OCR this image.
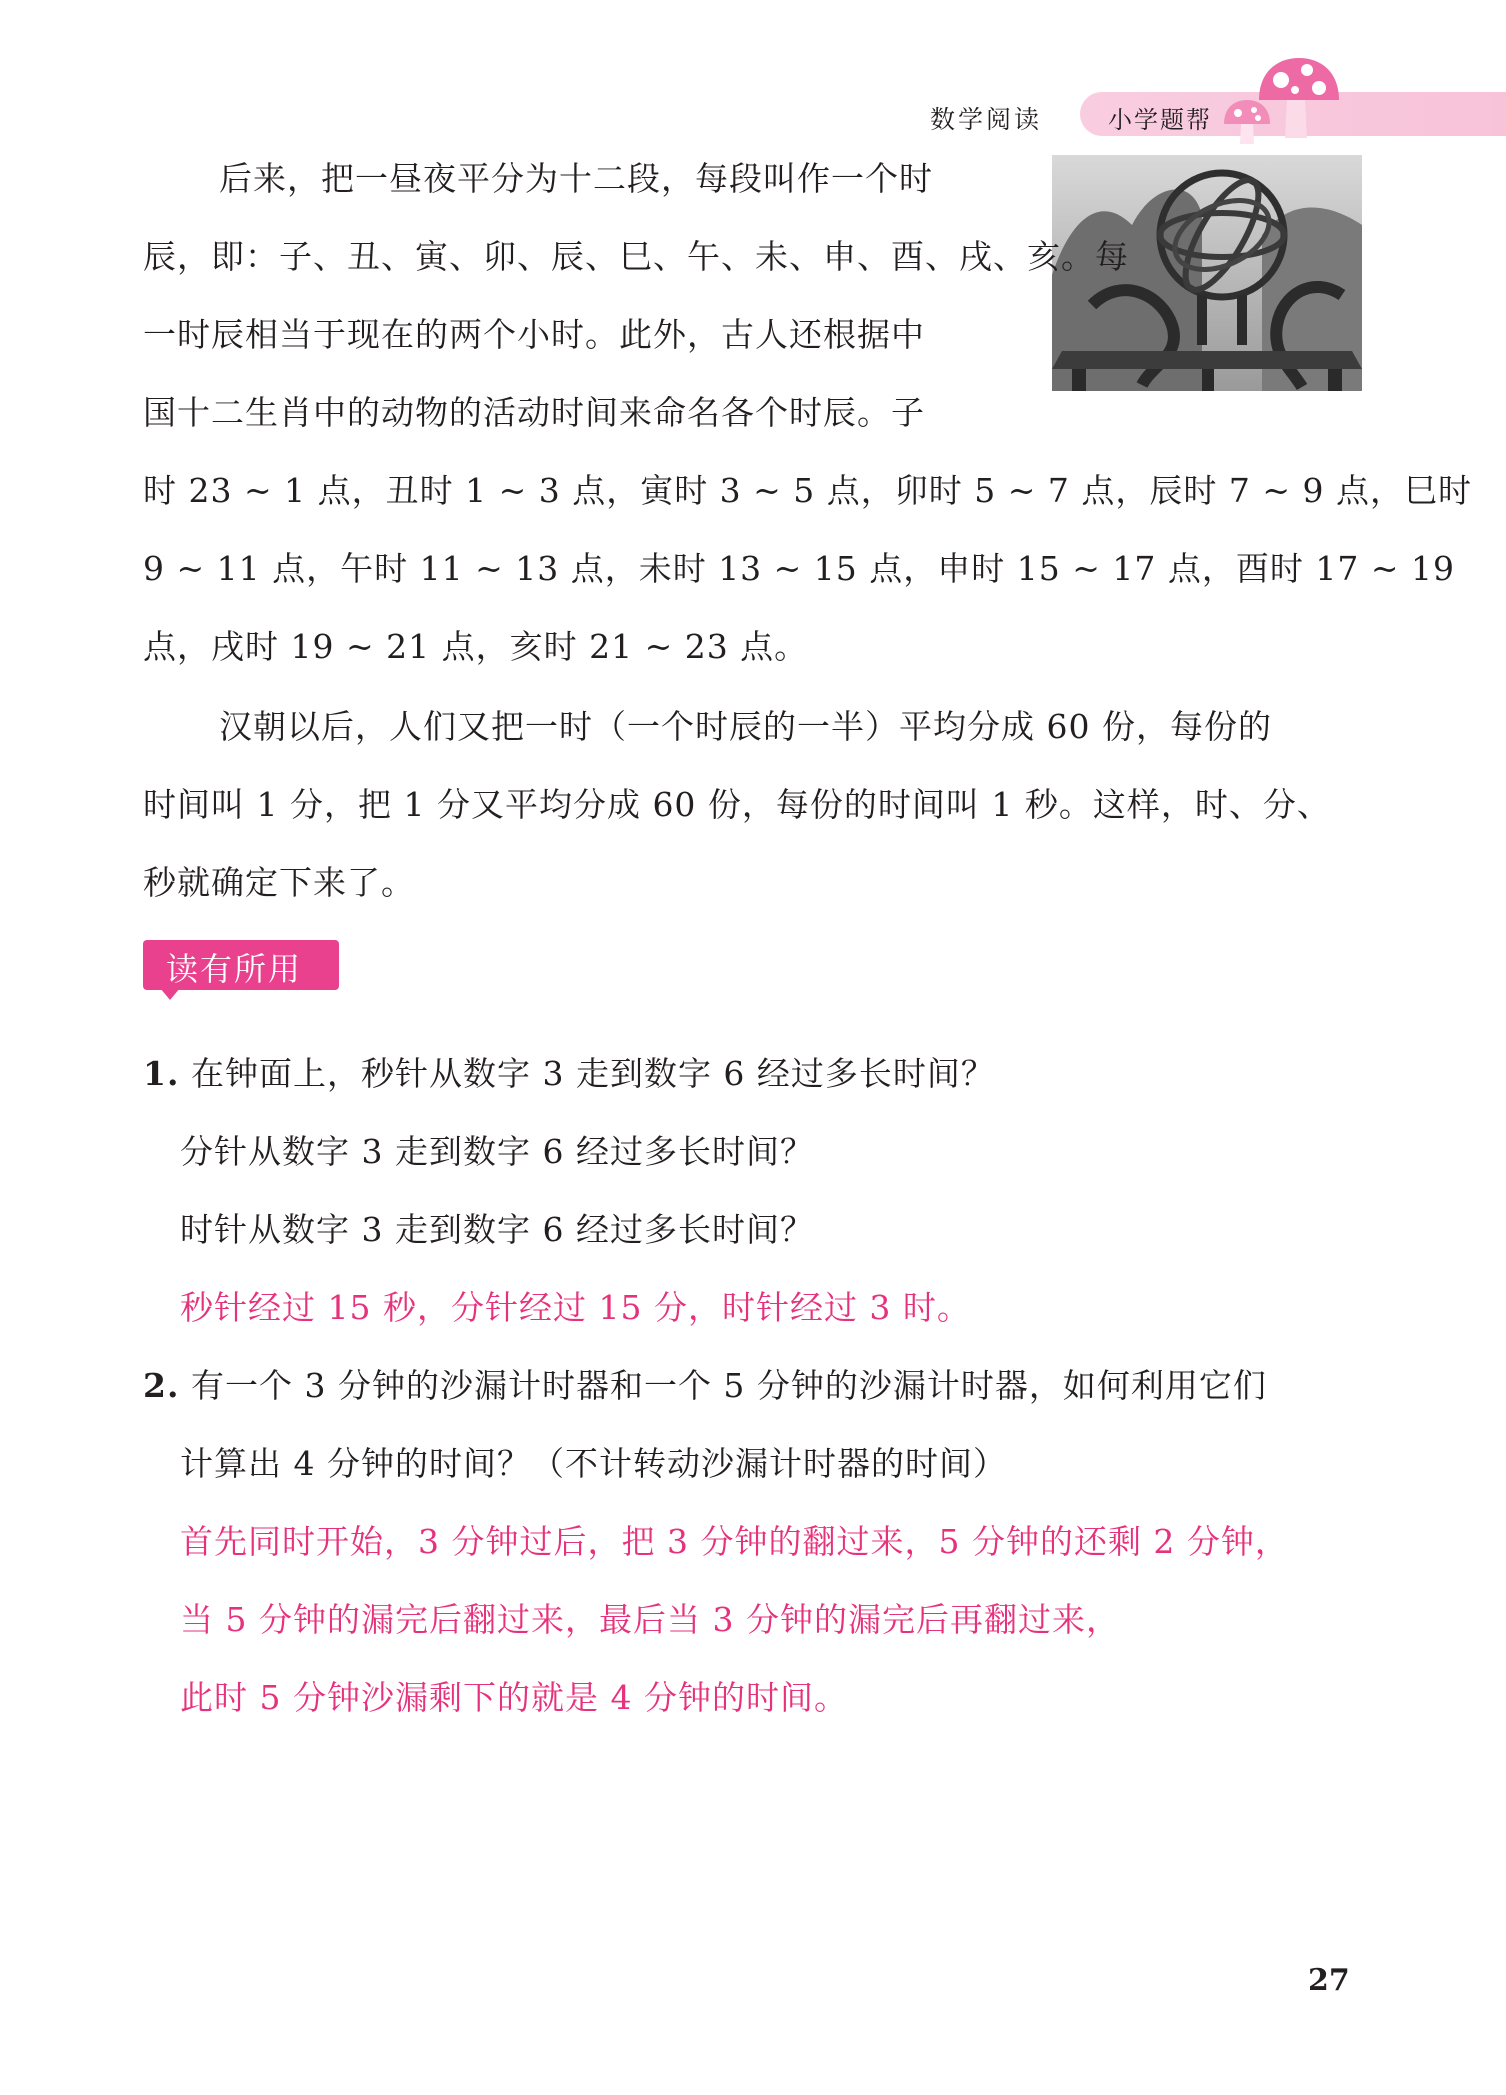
数学阅读	小学题帮
后来，把一昼夜平分为十二段，每段叫作一个时
辰，即：子、丑、寅、卯、辰、巳、午、未、申、酉、戌、亥。每
一时辰相当于现在的两个小时。此外，古人还根据中
国十二生肖中的动物的活动时间来命名各个时辰。子
时 23 ~ 1 点，丑时 1 ~ 3 点，寅时 3 ~ 5 点，卯时 5 ~ 7 点，辰时 7 ~ 9 点，巳时
9 ~ 11 点，午时 11 ~ 13 点，未时 13 ~ 15 点，申时 15 ~ 17 点，酉时 17 ~ 19
点，戌时 19 ~ 21 点，亥时 21 ~ 23 点。
汉朝以后，人们又把一时（一个时辰的一半）平均分成 60 份，每份的
时间叫 1 分，把 1 分又平均分成 60 份，每份的时间叫 1 秒。这样，时、分、
秒就确定下来了。
读有所用
1. 在钟面上，秒针从数字 3 走到数字 6 经过多长时间？
分针从数字 3 走到数字 6 经过多长时间？
时针从数字 3 走到数字 6 经过多长时间？
秒针经过 15 秒，分针经过 15 分，时针经过 3 时。
2. 有一个 3 分钟的沙漏计时器和一个 5 分钟的沙漏计时器，如何利用它们
计算出 4 分钟的时间？（不计转动沙漏计时器的时间）
首先同时开始，3 分钟过后，把 3 分钟的翻过来，5 分钟的还剩 2 分钟，
当 5 分钟的漏完后翻过来，最后当 3 分钟的漏完后再翻过来，
此时 5 分钟沙漏剩下的就是 4 分钟的时间。
27
